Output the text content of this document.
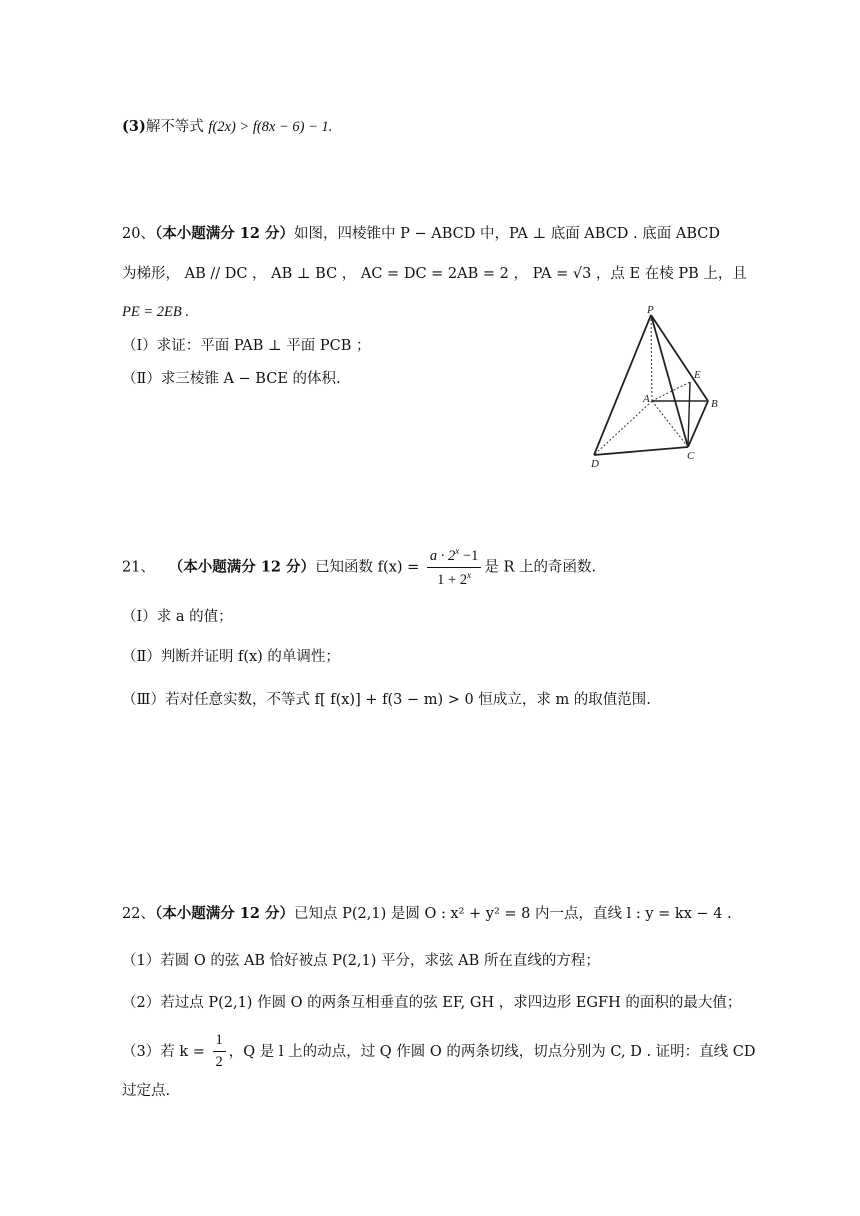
(3)解不等式 f(2x) > f(8x − 6) − 1.
20、（本小题满分 12 分）如图，四棱锥中 P − ABCD 中，PA ⊥ 底面 ABCD . 底面 ABCD
为梯形， AB // DC ， AB ⊥ BC ， AC = DC = 2AB = 2 ， PA = √3 ，点 E 在棱 PB 上，且
PE = 2EB .
（Ⅰ）求证：平面 PAB ⊥ 平面 PCB ；
（Ⅱ）求三棱锥 A − BCE 的体积.
P
E
A	B
C
D
21、 （本小题满分 12 分）已知函数 $f(x) = \frac{a \cdot 2^x -1}{1 + 2^x}$ 是 R 上的奇函数.
（Ⅰ）求 a 的值；
（Ⅱ）判断并证明 f(x) 的单调性；
（Ⅲ）若对任意实数，不等式 f[ f(x)] + f(3 − m) > 0 恒成立，求 m 的取值范围.
22、（本小题满分 12 分）已知点 P(2,1) 是圆 O : x² + y² = 8 内一点，直线 l : y = kx − 4 .
（1）若圆 O 的弦 AB 恰好被点 P(2,1) 平分，求弦 AB 所在直线的方程；
（2）若过点 P(2,1) 作圆 O 的两条互相垂直的弦 EF, GH ，求四边形 EGFH 的面积的最大值；
（3）若 $k = \frac{1}{2}$ ，Q 是 l 上的动点，过 Q 作圆 O 的两条切线，切点分别为 C, D . 证明：直线 CD
过定点.
